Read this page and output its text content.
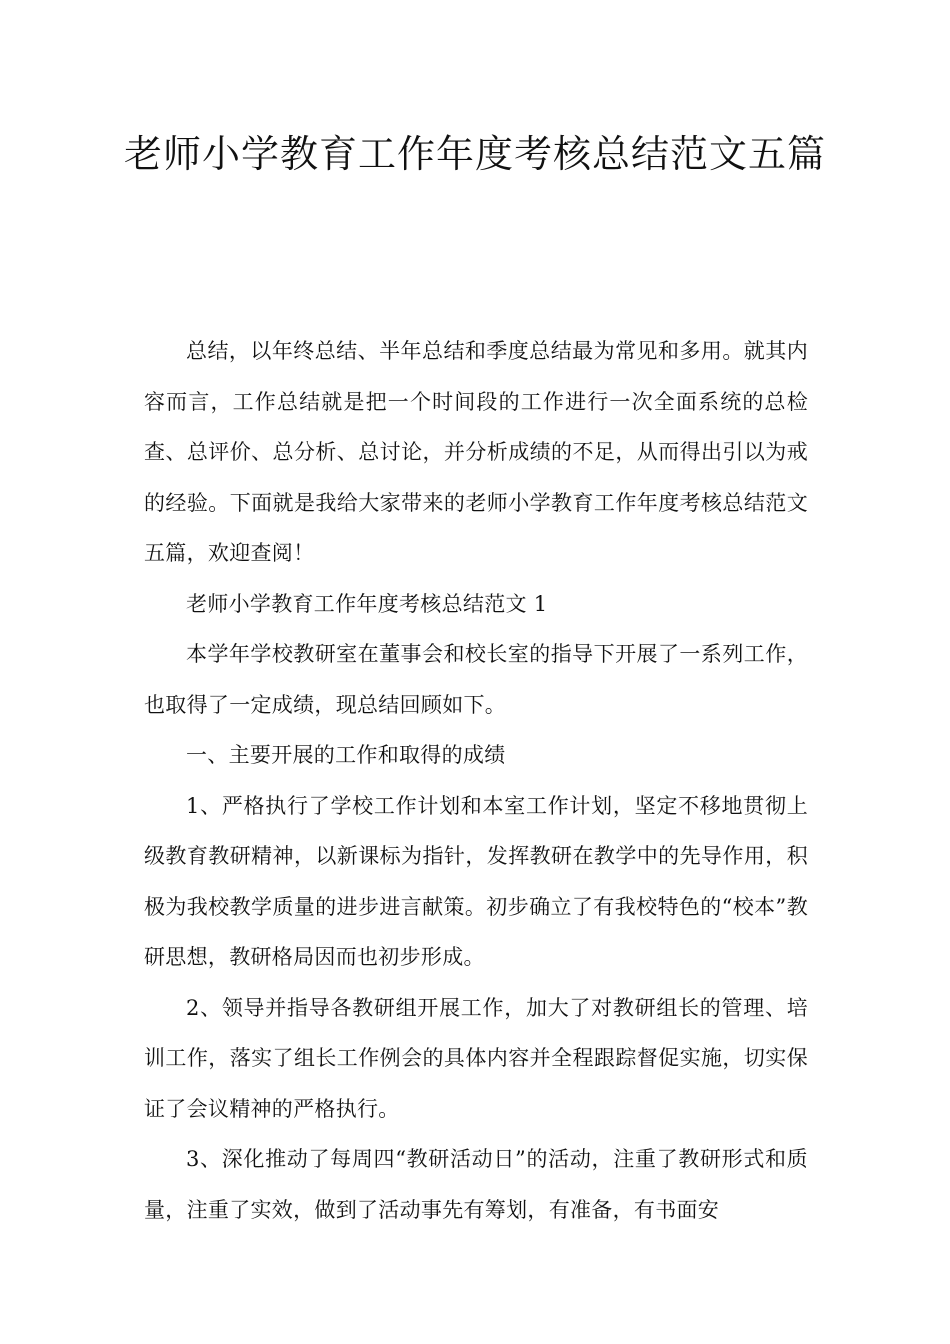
老师小学教育工作年度考核总结范文五篇

总结，以年终总结、半年总结和季度总结最为常见和多用。就其内容而言，工作总结就是把一个时间段的工作进行一次全面系统的总检查、总评价、总分析、总讨论，并分析成绩的不足，从而得出引以为戒的经验。下面就是我给大家带来的老师小学教育工作年度考核总结范文五篇，欢迎查阅！

老师小学教育工作年度考核总结范文 1

本学年学校教研室在董事会和校长室的指导下开展了一系列工作，也取得了一定成绩，现总结回顾如下。

一、主要开展的工作和取得的成绩

1、严格执行了学校工作计划和本室工作计划，坚定不移地贯彻上级教育教研精神，以新课标为指针，发挥教研在教学中的先导作用，积极为我校教学质量的进步进言献策。初步确立了有我校特色的“校本”教研思想，教研格局因而也初步形成。

2、领导并指导各教研组开展工作，加大了对教研组长的管理、培训工作，落实了组长工作例会的具体内容并全程跟踪督促实施，切实保证了会议精神的严格执行。

3、深化推动了每周四“教研活动日”的活动，注重了教研形式和质量，注重了实效，做到了活动事先有筹划，有准备，有书面安
